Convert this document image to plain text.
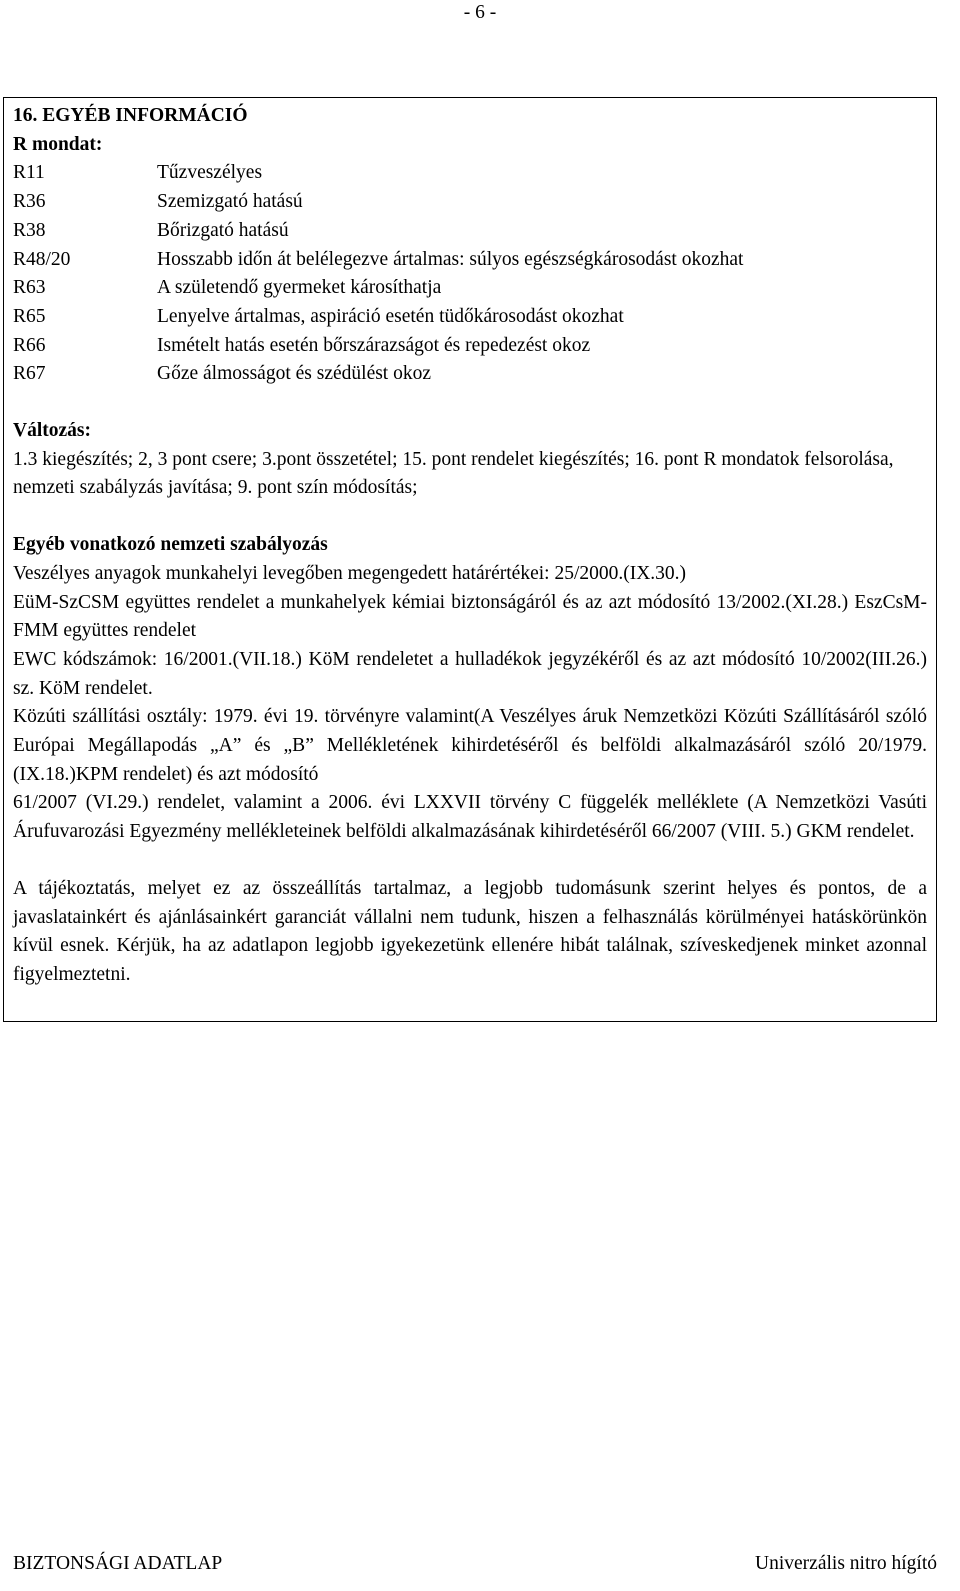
- 6 -
16. EGYÉB INFORMÁCIÓ
R mondat:
R11	Tűzveszélyes
R36	Szemizgató hatású
R38	Bőrizgató hatású
R48/20	Hosszabb időn át belélegezve ártalmas: súlyos egészségkárosodást okozhat
R63	A születendő gyermeket károsíthatja
R65	Lenyelve ártalmas, aspiráció esetén tüdőkárosodást okozhat
R66	Ismételt hatás esetén bőrszárazságot és repedezést okoz
R67	Gőze álmosságot és szédülést okoz
Változás:

1.3 kiegészítés; 2, 3 pont csere; 3.pont összetétel; 15. pont rendelet kiegészítés; 16. pont R mondatok felsorolása, nemzeti szabályzás javítása; 9. pont szín módosítás;

Egyéb vonatkozó nemzeti szabályozás

Veszélyes anyagok munkahelyi levegőben megengedett határértékei: 25/2000.(IX.30.)

EüM-SzCSM együttes rendelet a munkahelyek kémiai biztonságáról és az azt módosító 13/2002.(XI.28.) EszCsM-FMM együttes rendelet

EWC kódszámok: 16/2001.(VII.18.) KöM rendeletet a hulladékok jegyzékéről és az azt módosító 10/2002(III.26.) sz. KöM rendelet.

Közúti szállítási osztály: 1979. évi 19. törvényre valamint(A Veszélyes áruk Nemzetközi Közúti Szállításáról szóló Európai Megállapodás „A” és „B” Mellékletének kihirdetéséről és belföldi alkalmazásáról szóló 20/1979.(IX.18.)KPM rendelet) és azt módosító

61/2007 (VI.29.) rendelet, valamint a 2006. évi LXXVII törvény C függelék melléklete (A Nemzetközi Vasúti Árufuvarozási Egyezmény mellékleteinek belföldi alkalmazásának kihirdetéséről 66/2007 (VIII. 5.) GKM rendelet.

A tájékoztatás, melyet ez az összeállítás tartalmaz, a legjobb tudomásunk szerint helyes és pontos, de a javaslatainkért és ajánlásainkért garanciát vállalni nem tudunk, hiszen a felhasználás körülményei hatáskörünkön kívül esnek. Kérjük, ha az adatlapon legjobb igyekezetünk ellenére hibát találnak, szíveskedjenek minket azonnal figyelmeztetni.

BIZTONSÁGI ADATLAP	Univerzális nitro hígító
